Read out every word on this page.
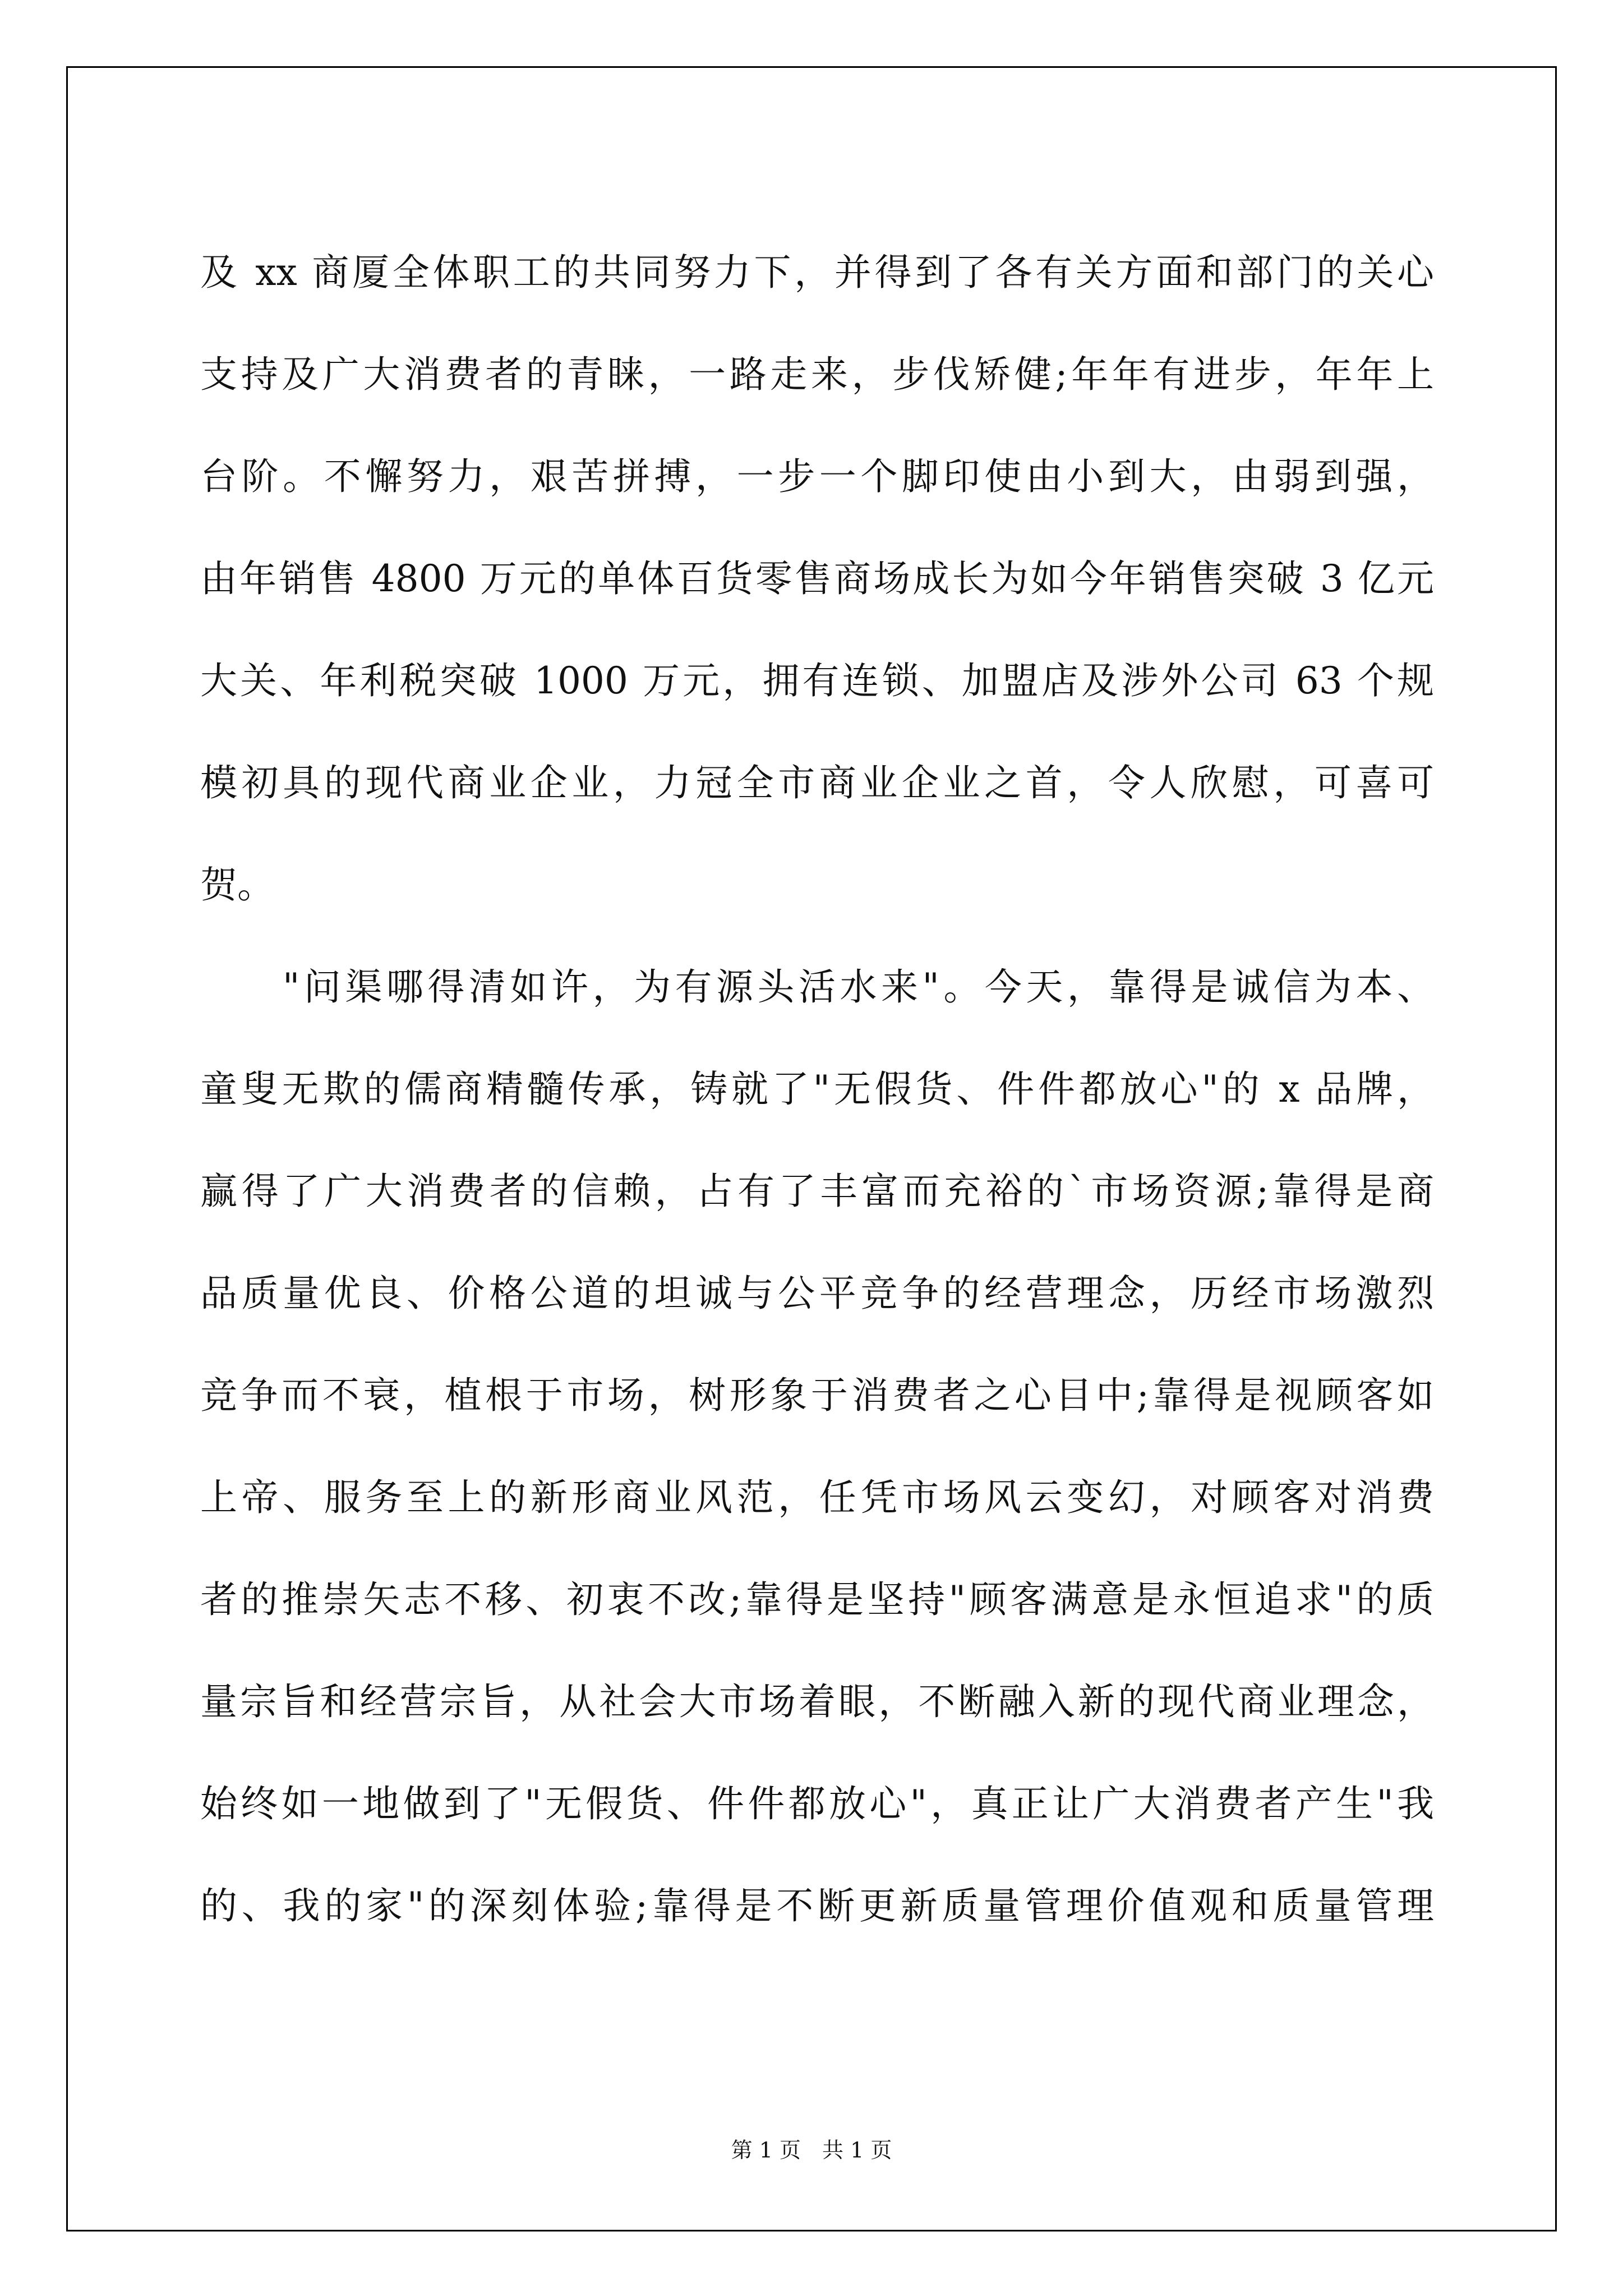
及 xx 商厦全体职工的共同努力下，并得到了各有关方面和部门的关心
支持及广大消费者的青睐，一路走来，步伐矫健;年年有进步，年年上
台阶。不懈努力，艰苦拼搏，一步一个脚印使由小到大，由弱到强，
由年销售 4800 万元的单体百货零售商场成长为如今年销售突破 3 亿元
大关、年利税突破 1000 万元，拥有连锁、加盟店及涉外公司 63 个规
模初具的现代商业企业，力冠全市商业企业之首，令人欣慰，可喜可
贺。
　　"问渠哪得清如许，为有源头活水来"。今天，靠得是诚信为本、
童叟无欺的儒商精髓传承，铸就了"无假货、件件都放心"的 x 品牌，
赢得了广大消费者的信赖，占有了丰富而充裕的`市场资源;靠得是商
品质量优良、价格公道的坦诚与公平竞争的经营理念，历经市场激烈
竞争而不衰，植根于市场，树形象于消费者之心目中;靠得是视顾客如
上帝、服务至上的新形商业风范，任凭市场风云变幻，对顾客对消费
者的推崇矢志不移、初衷不改;靠得是坚持"顾客满意是永恒追求"的质
量宗旨和经营宗旨，从社会大市场着眼，不断融入新的现代商业理念，
始终如一地做到了"无假货、件件都放心"，真正让广大消费者产生"我
的、我的家"的深刻体验;靠得是不断更新质量管理价值观和质量管理
第 1 页 共 1 页
